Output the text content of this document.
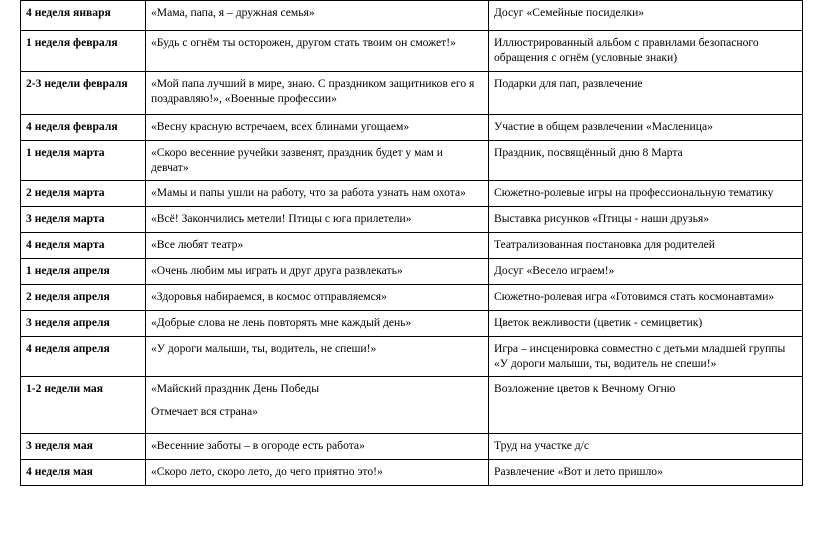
4 неделя января	«Мама, папа, я – дружная семья»	Досуг «Семейные посиделки»
1 неделя февраля	«Будь с огнём ты осторожен, другом стать твоим он сможет!»	Иллюстрированный альбом с правилами безопасного обращения с огнём (условные знаки)
2-3 недели февраля	«Мой папа лучший в мире, знаю. С праздником защитников его я поздравляю!», «Военные профессии»	Подарки для пап, развлечение
4 неделя февраля	«Весну красную встречаем, всех блинами угощаем»	Участие в общем развлечении «Масленица»
1 неделя марта	«Скоро весенние ручейки зазвенят, праздник будет у мам и девчат»	Праздник, посвящённый дню 8 Марта
2 неделя марта	«Мамы и папы ушли на работу, что за работа узнать нам охота»	Сюжетно-ролевые игры на профессиональную тематику
3 неделя марта	«Всё! Закончились метели! Птицы с юга прилетели»	Выставка рисунков «Птицы - наши друзья»
4 неделя марта	«Все любят театр»	Театрализованная постановка для родителей
1 неделя апреля	«Очень любим мы играть и друг друга развлекать»	Досуг «Весело играем!»
2 неделя апреля	«Здоровья набираемся, в космос отправляемся»	Сюжетно-ролевая игра «Готовимся стать космонавтами»
3 неделя апреля	«Добрые слова не лень повторять мне каждый день»	Цветок вежливости (цветик - семицветик)
4 неделя апреля	«У дороги малыши, ты, водитель, не спеши!»	Игра – инсценировка совместно с детьми младшей группы «У дороги малыши, ты, водитель не спеши!»
1-2 недели мая	«Майский праздник День Победы
Отмечает вся страна»	Возложение цветов к Вечному Огню
3 неделя мая	«Весенние заботы – в огороде есть работа»	Труд на участке д/с
4 неделя мая	«Скоро лето, скоро лето, до чего приятно это!»	Развлечение «Вот и лето пришло»
